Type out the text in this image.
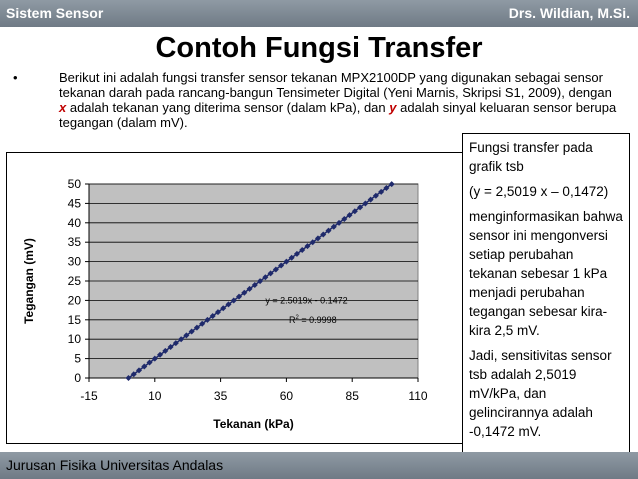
Sistem Sensor	Drs. Wildian, M.Si.
Contoh Fungsi Transfer
•	Berikut ini adalah fungsi transfer sensor tekanan MPX2100DP yang digunakan sebagai sensor tekanan darah pada rancang-bangun Tensimeter Digital (Yeni Marnis, Skripsi S1, 2009), dengan x adalah tekanan yang diterima sensor (dalam kPa), dan y adalah sinyal keluaran sensor berupa tegangan (dalam mV).
0
5
10
15
20
25
30
35
40
45
50
-15	10	35	60	85	110
y = 2.5019x - 0.1472
$R^2 = 0.9998$
Tekanan (kPa)
Tegangan (mV)

Fungsi transfer pada grafik tsb

(y = 2,5019 x – 0,1472)

menginformasikan bahwa sensor ini mengonversi setiap perubahan tekanan sebesar 1 kPa menjadi perubahan tegangan sebesar kira-kira 2,5 mV.

Jadi, sensitivitas sensor tsb adalah 2,5019 mV/kPa, dan gelincirannya adalah -0,1472 mV.

Jurusan Fisika Universitas Andalas
